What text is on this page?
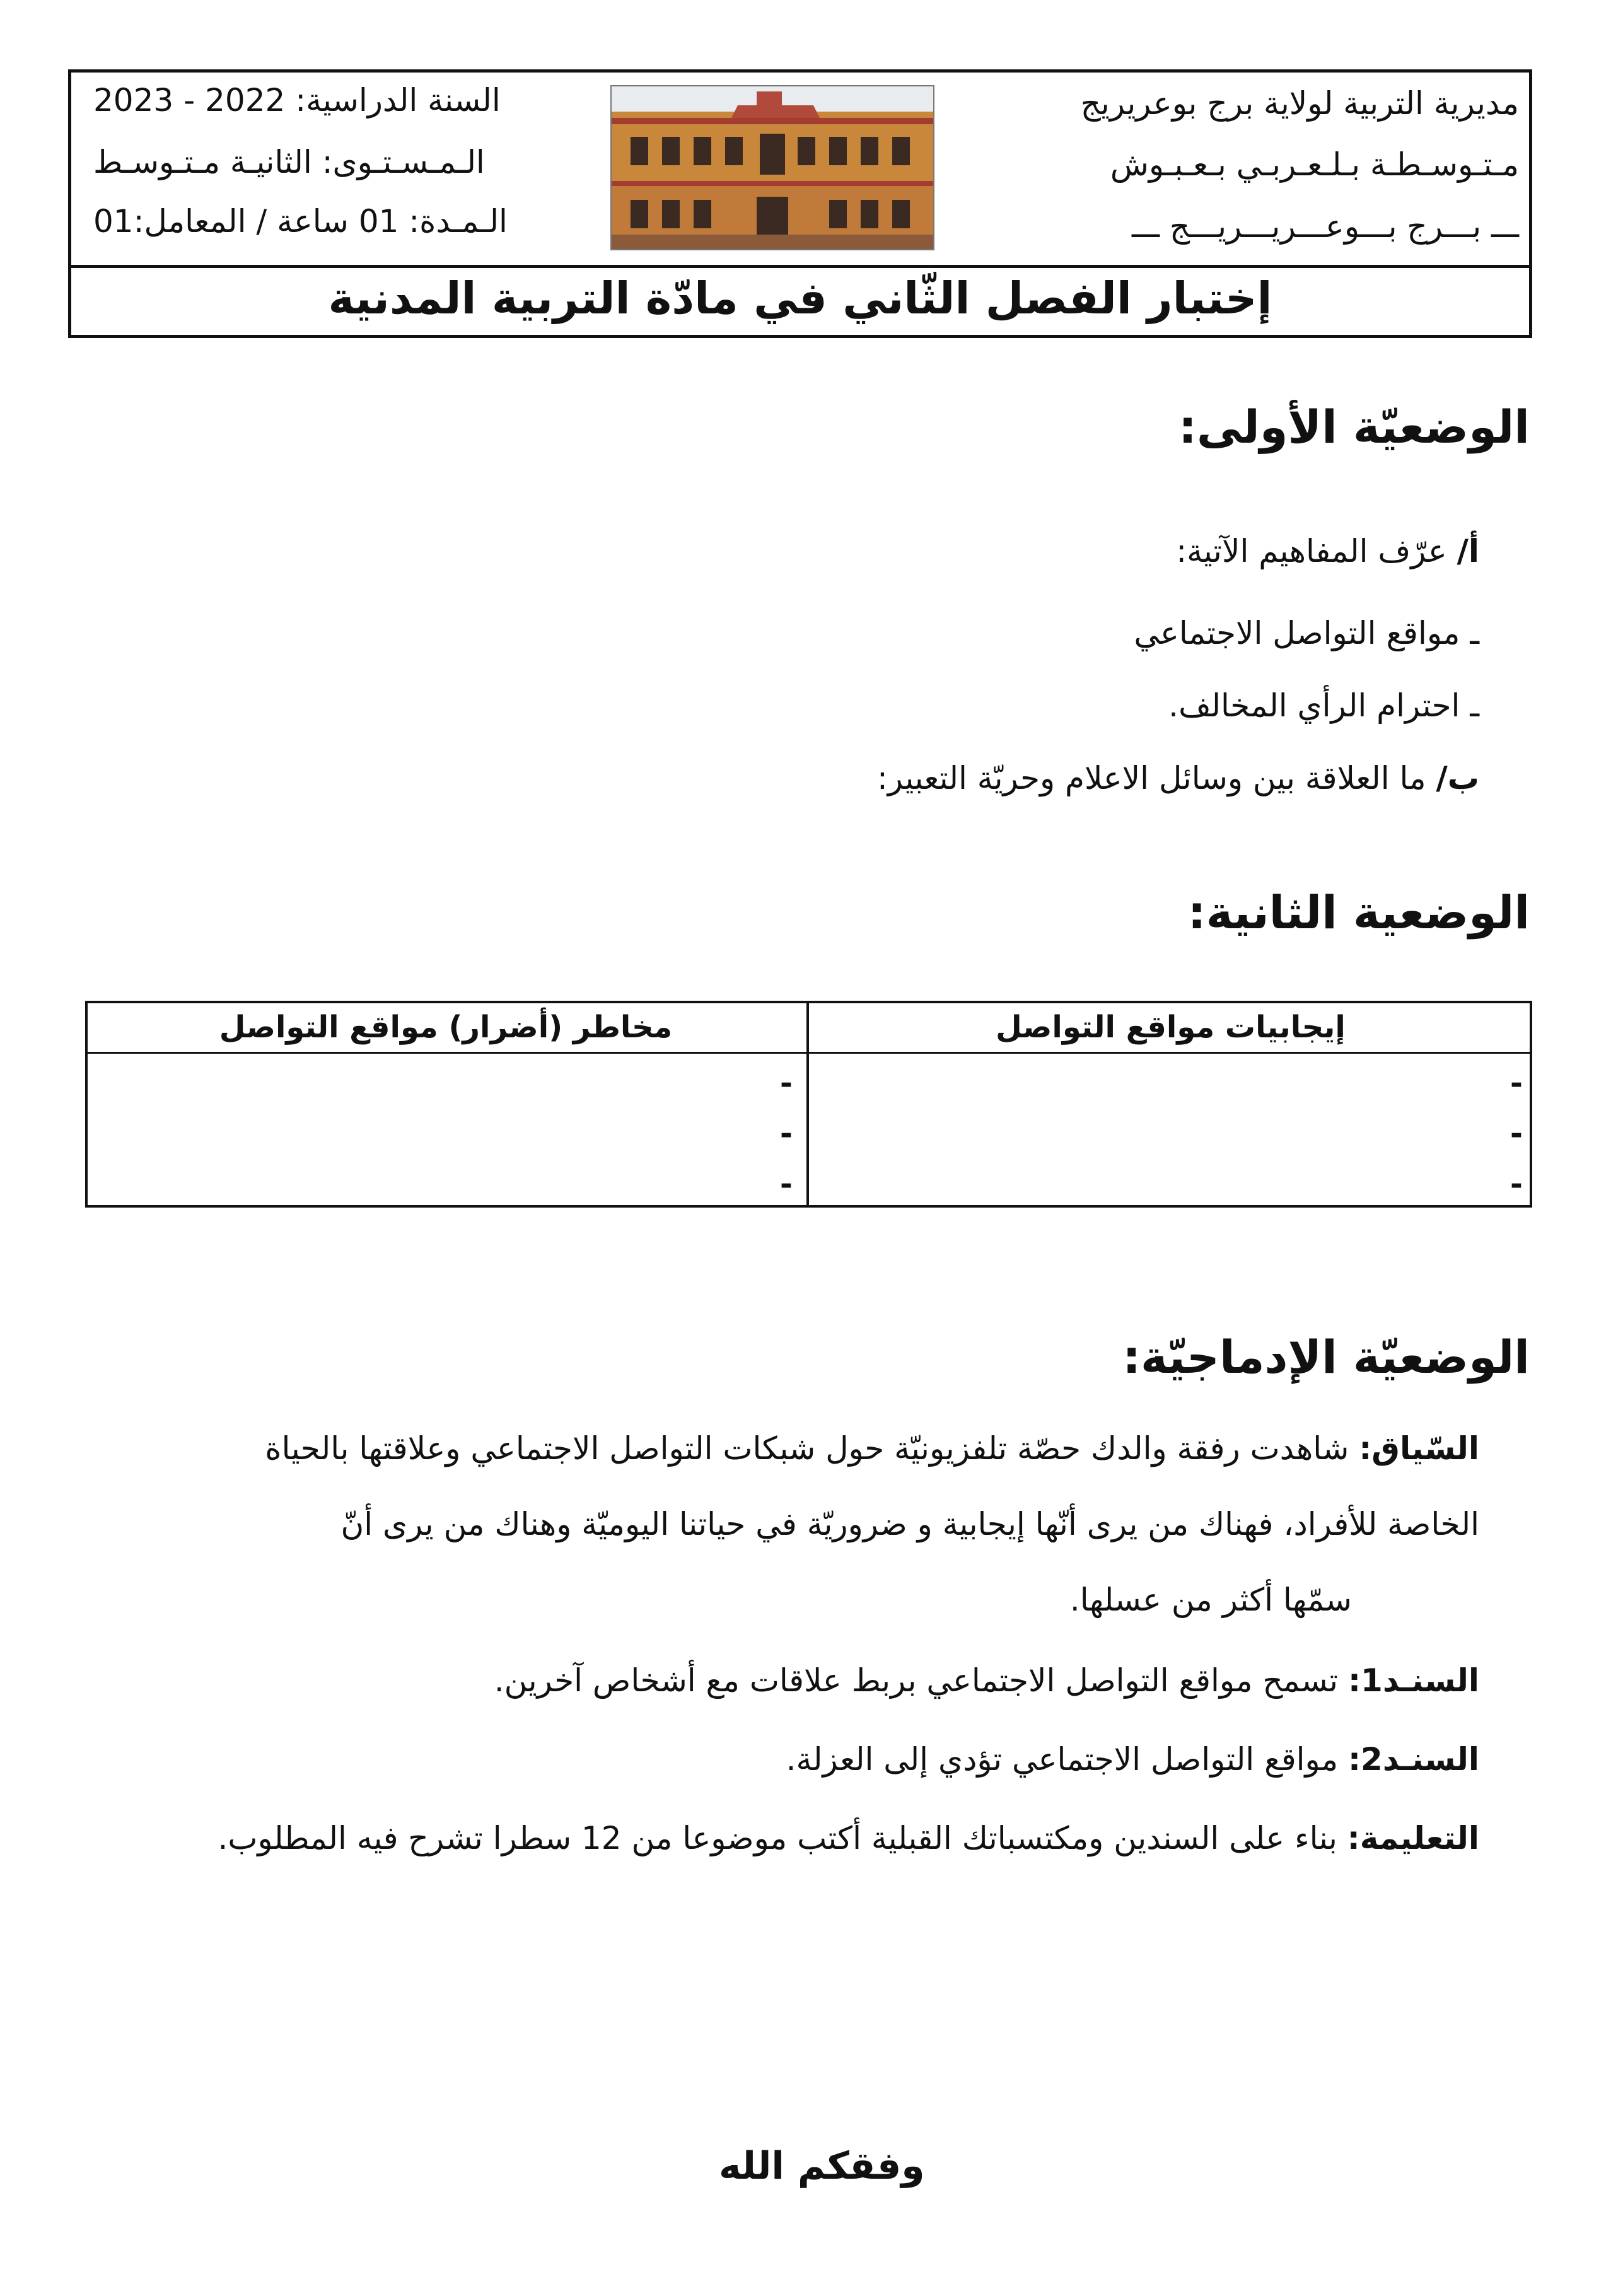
مديرية التربية لولاية برج بوعريريج
مـتـوسـطـة بـلـعـربـي بـعـبـوش
ـــ بـــرج بـــوعـــريـــريـــج ـــ
السنة الدراسية: 2022 - 2023
الـمـسـتـوى: الثانيـة مـتـوسـط
الـمـدة: 01 ساعة / المعامل:01
إختبار الفصل الثّاني في مادّة التربية المدنية
الوضعيّة الأولى:
أ/ عرّف المفاهيم الآتية:
ـ مواقع التواصل الاجتماعي
ـ احترام الرأي المخالف.
ب/ ما العلاقة بين وسائل الاعلام وحريّة التعبير:
الوضعية الثانية:
إيجابيات مواقع التواصل
مخاطر (أضرار) مواقع التواصل
-
-
-
-
-
-
الوضعيّة الإدماجيّة:
السّياق: شاهدت رفقة والدك حصّة تلفزيونيّة حول شبكات التواصل الاجتماعي وعلاقتها بالحياة
الخاصة للأفراد، فهناك من يرى أنّها إيجابية و ضروريّة في حياتنا اليوميّة وهناك من يرى أنّ
سمّها أكثر من عسلها.
السنـد1: تسمح مواقع التواصل الاجتماعي بربط علاقات مع أشخاص آخرين.
السنـد2: مواقع التواصل الاجتماعي تؤدي إلى العزلة.
التعليمة: بناء على السندين ومكتسباتك القبلية أكتب موضوعا من 12 سطرا تشرح فيه المطلوب.
وفقكم الله
